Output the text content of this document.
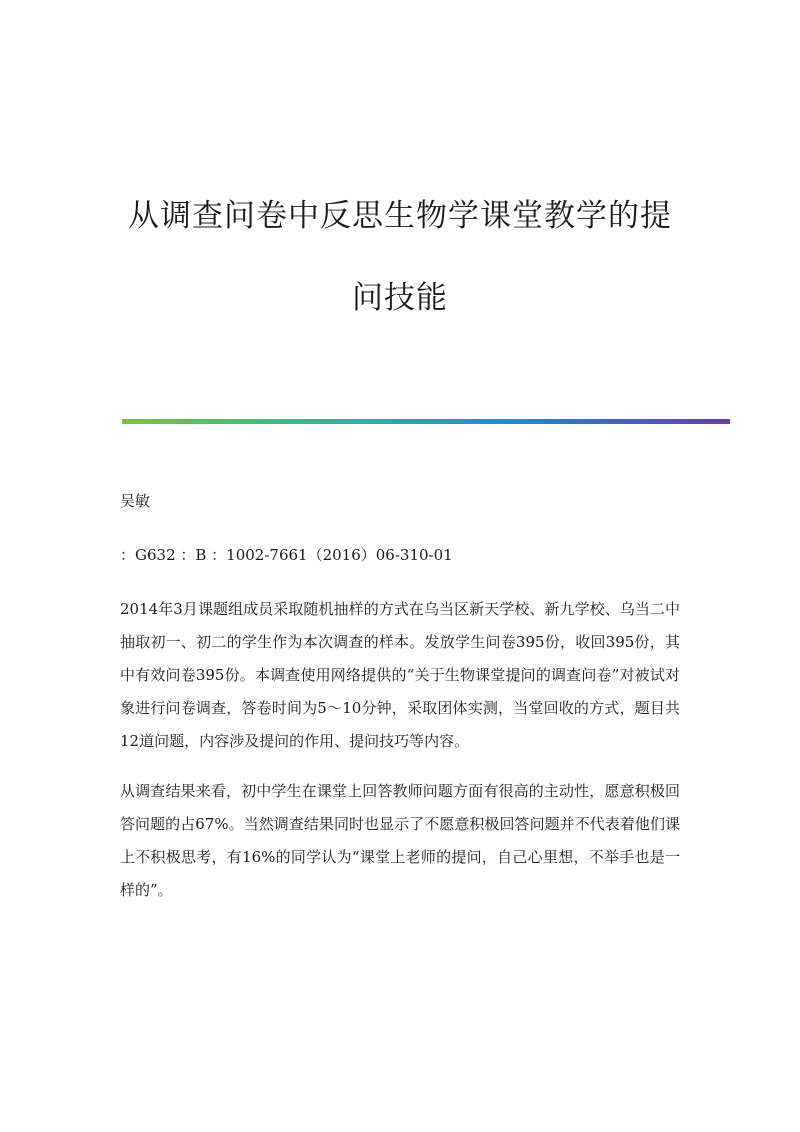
从调查问卷中反思生物学课堂教学的提
问技能

吴敏

：G632 ：B ：1002-7661（2016）06-310-01

2014年3月课题组成员采取随机抽样的方式在乌当区新天学校、新九学校、乌当二中抽取初一、初二的学生作为本次调查的样本。发放学生问卷395份，收回395份，其中有效问卷395份。本调查使用网络提供的“关于生物课堂提问的调查问卷”对被试对象进行问卷调查，答卷时间为5～10分钟，采取团体实测，当堂回收的方式，题目共12道问题，内容涉及提问的作用、提问技巧等内容。

从调查结果来看，初中学生在课堂上回答教师问题方面有很高的主动性，愿意积极回答问题的占67%。当然调查结果同时也显示了不愿意积极回答问题并不代表着他们课上不积极思考，有16%的同学认为“课堂上老师的提问，自己心里想，不举手也是一样的”。
